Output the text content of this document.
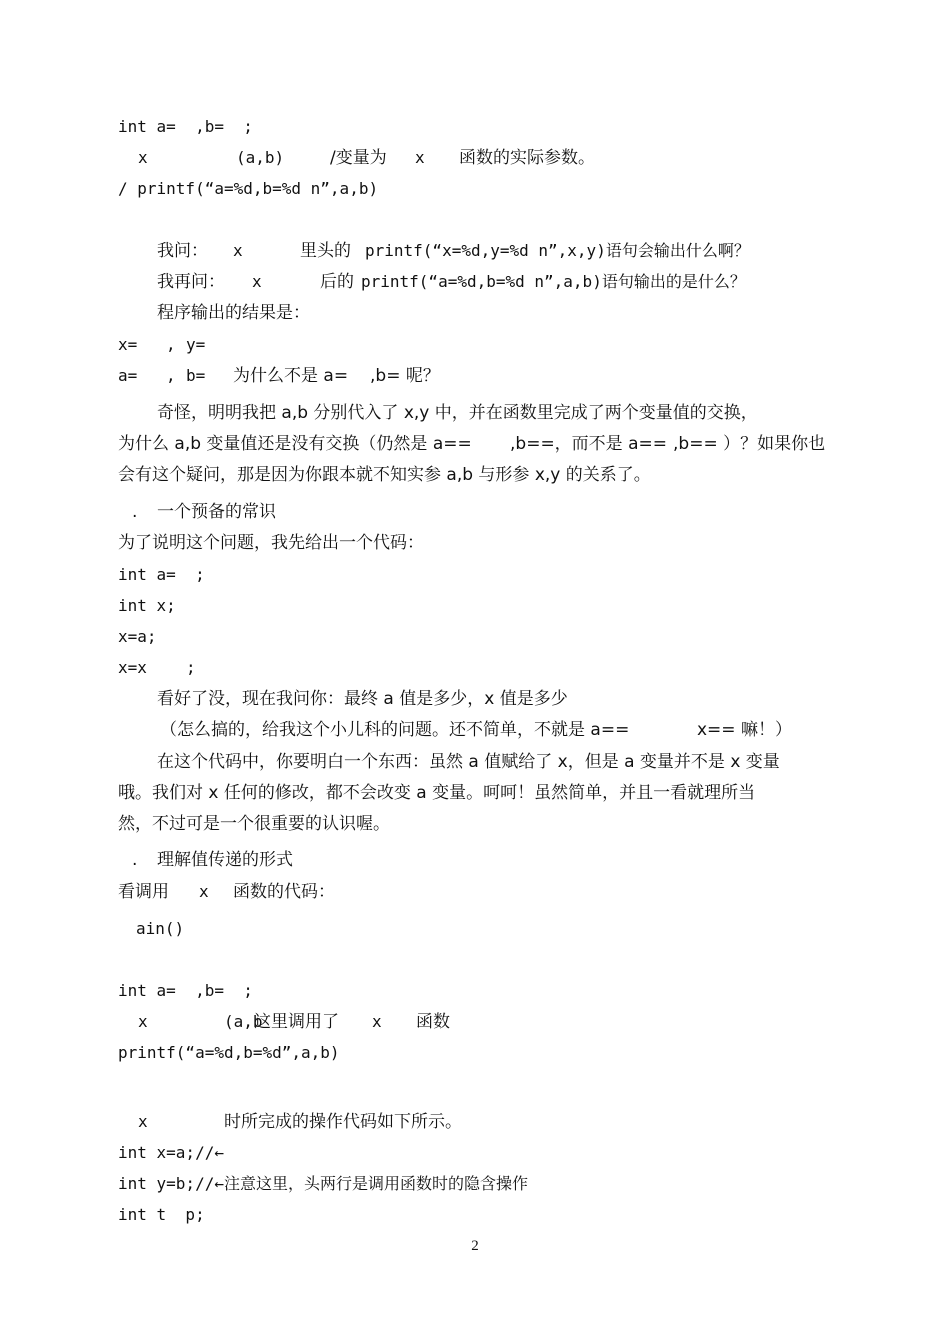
int a=  ,b=  ;

x

	(a,b)

	/变量为

x

函数的实际参数。

/ printf(“a=%d,b=%d n”,a,b)

我问：

x

	里头的

printf(“x=%d,y=%d n”,x,y)语句会输出什么啊？

我再问：

x

	后的

printf(“a=%d,b=%d n”,a,b)语句输出的是什么？

程序输出的结果是：

x=

,

y=

a=

,

b=

为什么不是 a=

,b= 呢？

奇怪，明明我把 a,b 分别代入了 x,y 中，并在函数里完成了两个变量值的交换，

为什么 a,b 变量值还是没有交换（仍然是 a==

,b==，而不是 a==

,b== ）？如果你也

会有这个疑问，那是因为你跟本就不知实参 a,b 与形参 x,y 的关系了。

.

一个预备的常识

为了说明这个问题，我先给出一个代码：

int a=  ;

int x;

x=a;

x=x

;

看好了没，现在我问你：最终 a 值是多少，x 值是多少

（怎么搞的，给我这个小儿科的问题。还不简单，不就是 a==

	x== 嘛！）

在这个代码中，你要明白一个东西：虽然 a 值赋给了 x，但是 a 变量并不是 x 变量

哦。我们对 x 任何的修改，都不会改变 a 变量。呵呵！虽然简单，并且一看就理所当

然，不过可是一个很重要的认识喔。

.

理解值传递的形式

看调用

x

函数的代码：

ain()

int a=  ,b=  ;

x

	(a,b

这里调用了

x

函数

printf(“a=%d,b=%d”,a,b)

x

	时所完成的操作代码如下所示。

int x=a;//←

int y=b;//←注意这里，头两行是调用函数时的隐含操作

int t  p;

2
